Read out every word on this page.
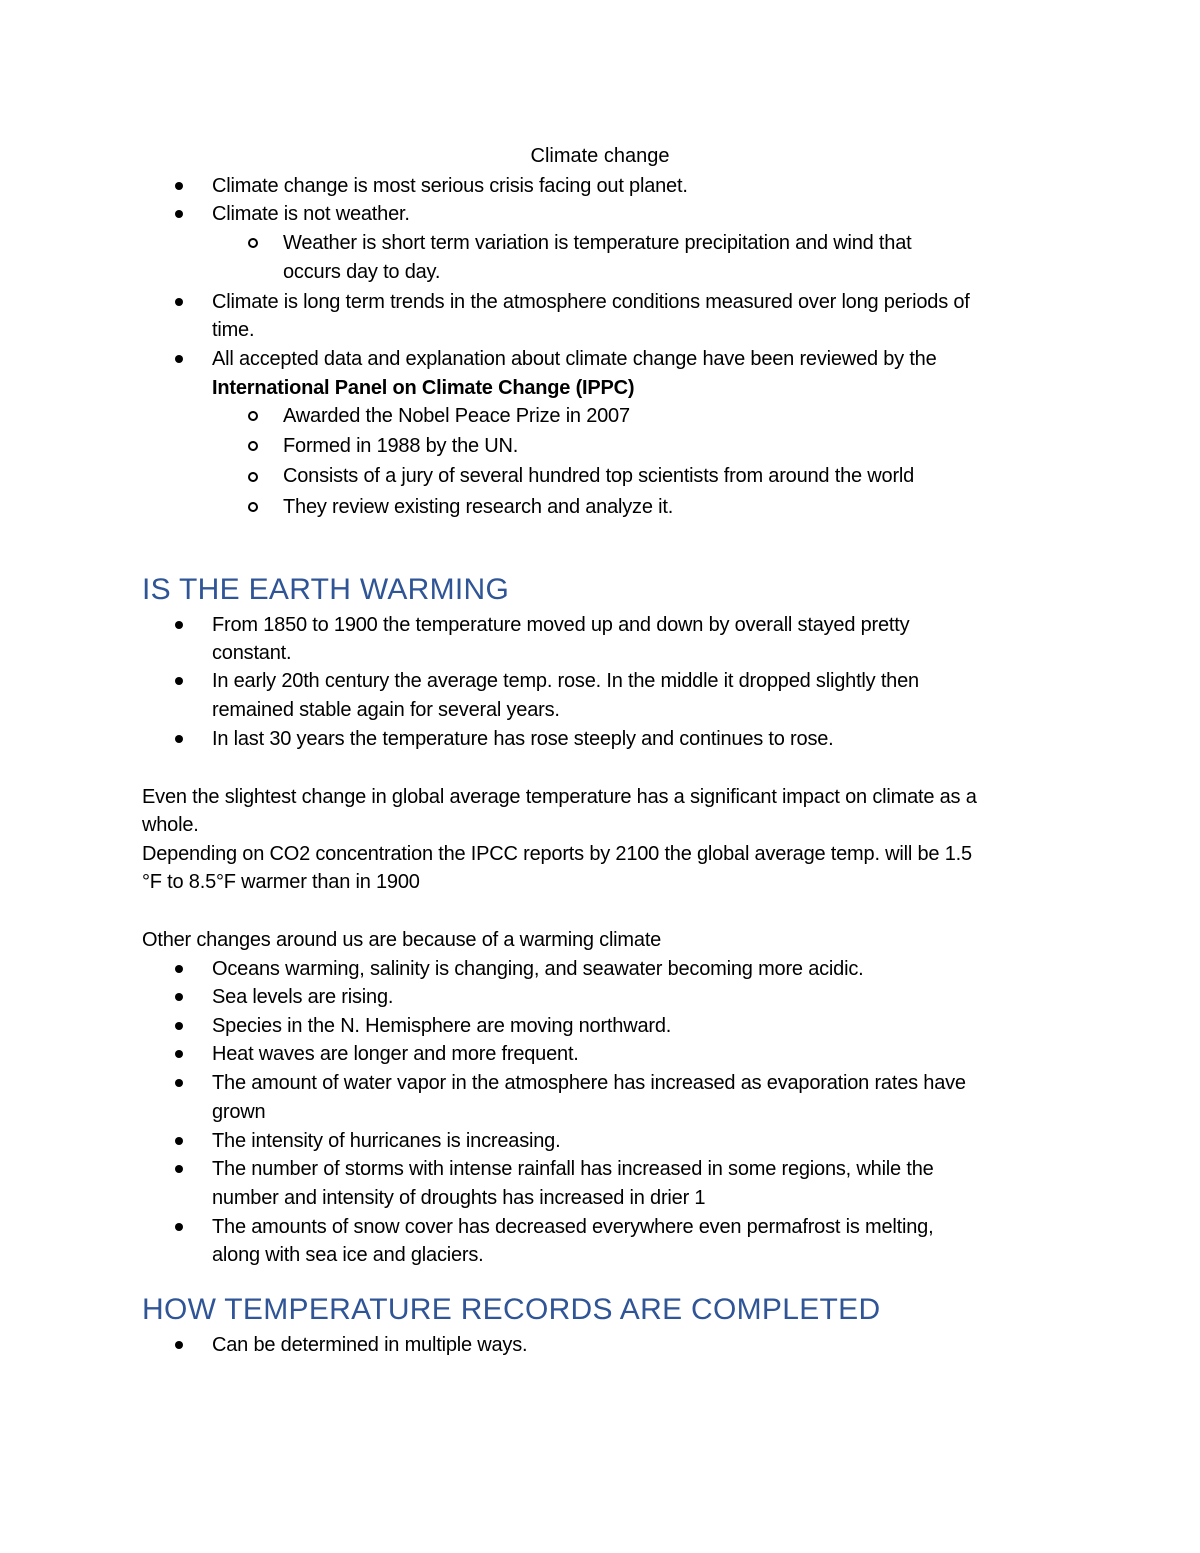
Climate change
Climate change is most serious crisis facing out planet.
Climate is not weather.
Weather is short term variation is temperature precipitation and wind that
occurs day to day.
Climate is long term trends in the atmosphere conditions measured over long periods of
time.
All accepted data and explanation about climate change have been reviewed by the
International Panel on Climate Change (IPPC)
Awarded the Nobel Peace Prize in 2007
Formed in 1988 by the UN.
Consists of a jury of several hundred top scientists from around the world
They review existing research and analyze it.
IS THE EARTH WARMING
From 1850 to 1900 the temperature moved up and down by overall stayed pretty
constant.
In early 20th century the average temp. rose. In the middle it dropped slightly then
remained stable again for several years.
In last 30 years the temperature has rose steeply and continues to rose.
Even the slightest change in global average temperature has a significant impact on climate as a
whole.
Depending on CO2 concentration the IPCC reports by 2100 the global average temp. will be 1.5
°F to 8.5°F warmer than in 1900
Other changes around us are because of a warming climate
Oceans warming, salinity is changing, and seawater becoming more acidic.
Sea levels are rising.
Species in the N. Hemisphere are moving northward.
Heat waves are longer and more frequent.
The amount of water vapor in the atmosphere has increased as evaporation rates have
grown
The intensity of hurricanes is increasing.
The number of storms with intense rainfall has increased in some regions, while the
number and intensity of droughts has increased in drier 1
The amounts of snow cover has decreased everywhere even permafrost is melting,
along with sea ice and glaciers.
HOW TEMPERATURE RECORDS ARE COMPLETED
Can be determined in multiple ways.
